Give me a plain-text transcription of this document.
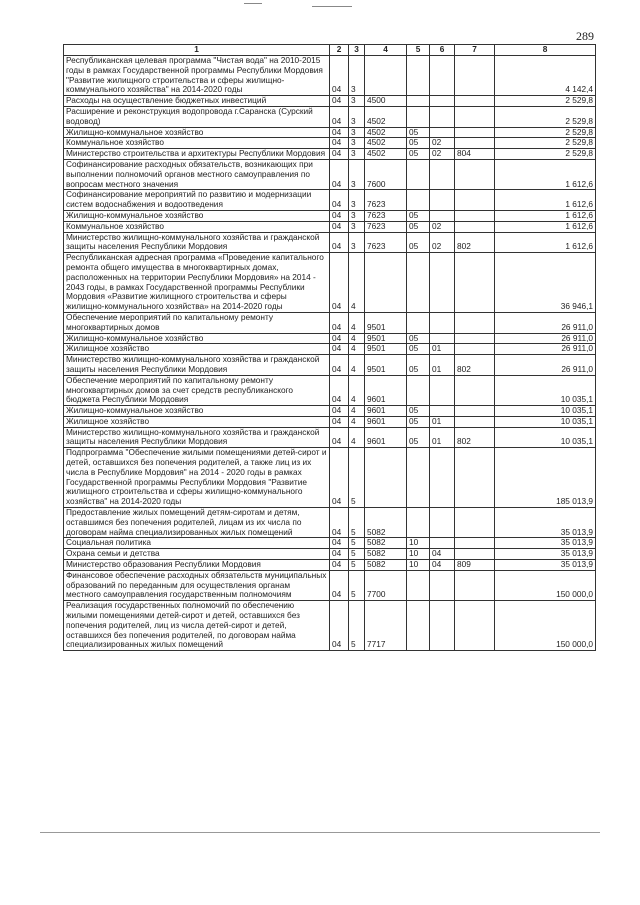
289
1	2	3	4	5	6	7	8
Республиканская целевая программа "Чистая вода" на 2010-2015 годы в рамках Государственной программы Республики Мордовия "Развитие жилищного строительства и сферы жилищно-коммунального хозяйства" на 2014-2020 годы	04	3					4 142,4
Расходы на осуществление бюджетных инвестиций	04	3	4500				2 529,8
Расширение и реконструкция водопровода г.Саранска (Сурский водовод)	04	3	4502				2 529,8
Жилищно-коммунальное хозяйство	04	3	4502	05			2 529,8
Коммунальное хозяйство	04	3	4502	05	02		2 529,8
Министерство строительства и архитектуры Республики Мордовия	04	3	4502	05	02	804	2 529,8
Софинансирование расходных обязательств, возникающих при выполнении полномочий органов местного самоуправления по вопросам местного значения	04	3	7600				1 612,6
Софинансирование мероприятий по развитию и модернизации систем водоснабжения и водоотведения	04	3	7623				1 612,6
Жилищно-коммунальное хозяйство	04	3	7623	05			1 612,6
Коммунальное хозяйство	04	3	7623	05	02		1 612,6
Министерство жилищно-коммунального хозяйства и гражданской защиты населения Республики Мордовия	04	3	7623	05	02	802	1 612,6
Республиканская адресная программа «Проведение капитального ремонта общего имущества в многоквартирных домах, расположенных на территории Республики Мордовия» на 2014 - 2043 годы, в рамках Государственной программы Республики Мордовия «Развитие жилищного строительства и сферы жилищно-коммунального хозяйства» на 2014-2020 годы	04	4					36 946,1
Обеспечение мероприятий по капитальному ремонту многоквартирных домов	04	4	9501				26 911,0
Жилищно-коммунальное хозяйство	04	4	9501	05			26 911,0
Жилищное хозяйство	04	4	9501	05	01		26 911,0
Министерство жилищно-коммунального хозяйства и гражданской защиты населения Республики Мордовия	04	4	9501	05	01	802	26 911,0
Обеспечение мероприятий по капитальному ремонту многоквартирных домов за счет средств республиканского бюджета Республики Мордовия	04	4	9601				10 035,1
Жилищно-коммунальное хозяйство	04	4	9601	05			10 035,1
Жилищное хозяйство	04	4	9601	05	01		10 035,1
Министерство жилищно-коммунального хозяйства и гражданской защиты населения Республики Мордовия	04	4	9601	05	01	802	10 035,1
Подпрограмма "Обеспечение жилыми помещениями детей-сирот и детей, оставшихся без попечения родителей, а также лиц из их числа в Республике Мордовия" на 2014 - 2020 годы в рамках Государственной программы Республики Мордовия "Развитие жилищного строительства и сферы жилищно-коммунального хозяйства" на 2014-2020 годы	04	5					185 013,9
Предоставление жилых помещений детям-сиротам и детям, оставшимся без попечения родителей, лицам из их числа по договорам найма специализированных жилых помещений	04	5	5082				35 013,9
Социальная политика	04	5	5082	10			35 013,9
Охрана семьи и детства	04	5	5082	10	04		35 013,9
Министерство образования Республики Мордовия	04	5	5082	10	04	809	35 013,9
Финансовое обеспечение расходных обязательств муниципальных образований по переданным для осуществления органам местного самоуправления государственным полномочиям	04	5	7700				150 000,0
Реализация государственных полномочий по обеспечению жилыми помещениями детей-сирот и детей, оставшихся без попечения родителей, лиц из числа детей-сирот и детей, оставшихся без попечения родителей, по договорам найма специализированных жилых помещений	04	5	7717				150 000,0
